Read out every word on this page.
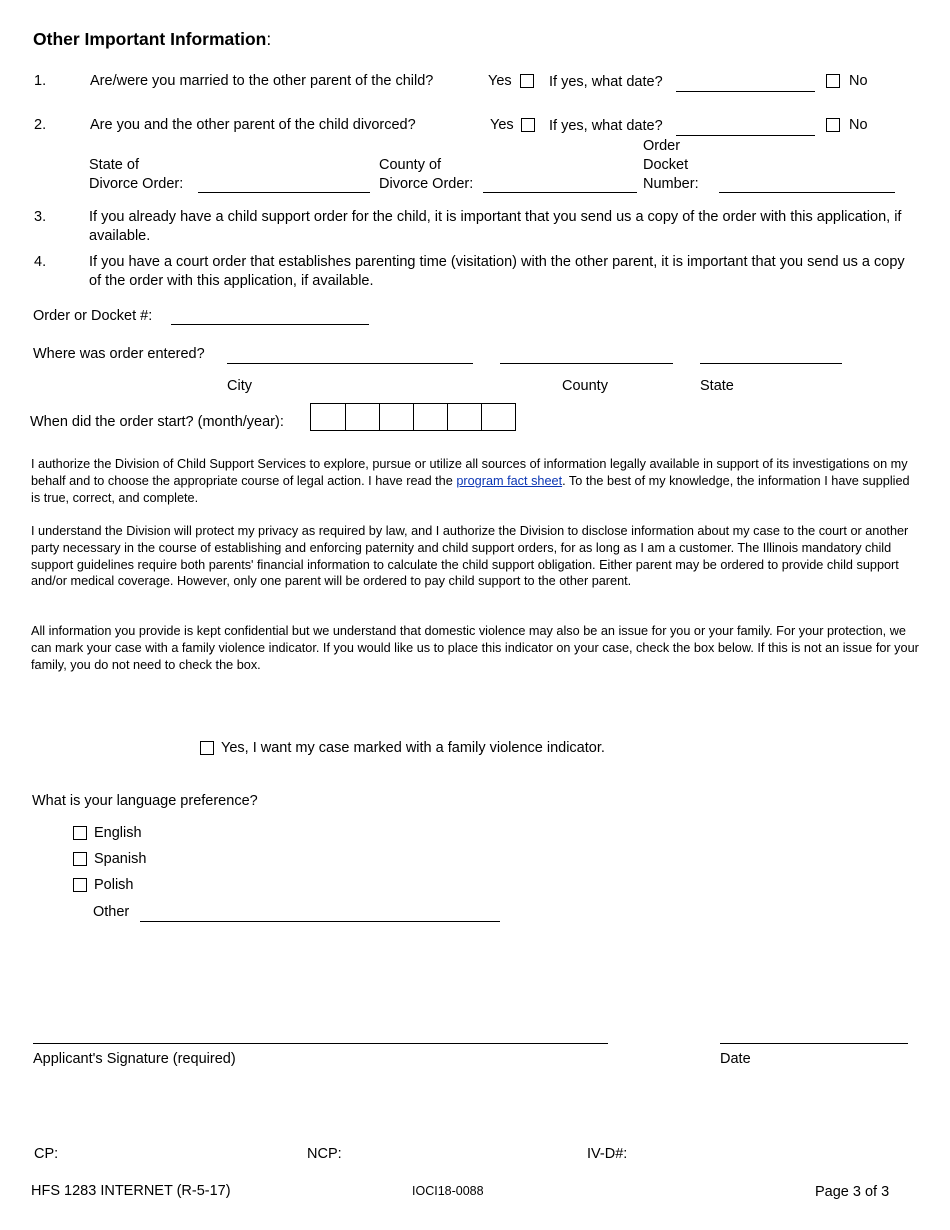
Other Important Information:
1.	Are/were you married to the other parent of the child?	Yes	If yes, what date?	No
2.	Are you and the other parent of the child divorced?	Yes If yes, what date?	No
State of
Divorce Order:
County of
Divorce Order:
Order
Docket
Number:
3.	If you already have a child support order for the child, it is important that you send us a copy of the order with this application, if available.
4.	If you have a court order that establishes parenting time (visitation) with the other parent, it is important that you send us a copy of the order with this application, if available.
Order or Docket #:
Where was order entered?
City	County	State
When did the order start? (month/year):
I authorize the Division of Child Support Services to explore, pursue or utilize all sources of information legally available in support of its investigations on my behalf and to choose the appropriate course of legal action. I have read the program fact sheet. To the best of my knowledge, the information I have supplied is true, correct, and complete.
I understand the Division will protect my privacy as required by law, and I authorize the Division to disclose information about my case to the court or another party necessary in the course of establishing and enforcing paternity and child support orders, for as long as I am a customer. The Illinois mandatory child support guidelines require both parents' financial information to calculate the child support obligation. Either parent may be ordered to provide child support and/or medical coverage. However, only one parent will be ordered to pay child support to the other parent.
All information you provide is kept confidential but we understand that domestic violence may also be an issue for you or your family. For your protection, we can mark your case with a family violence indicator. If you would like us to place this indicator on your case, check the box below. If this is not an issue for your family, you do not need to check the box.
Yes, I want my case marked with a family violence indicator.
What is your language preference?
English
Spanish
Polish
Other
Applicant's Signature (required)	Date
CP:	NCP:	IV-D#:
HFS 1283 INTERNET (R-5-17)	IOCI18-0088	Page 3 of 3
